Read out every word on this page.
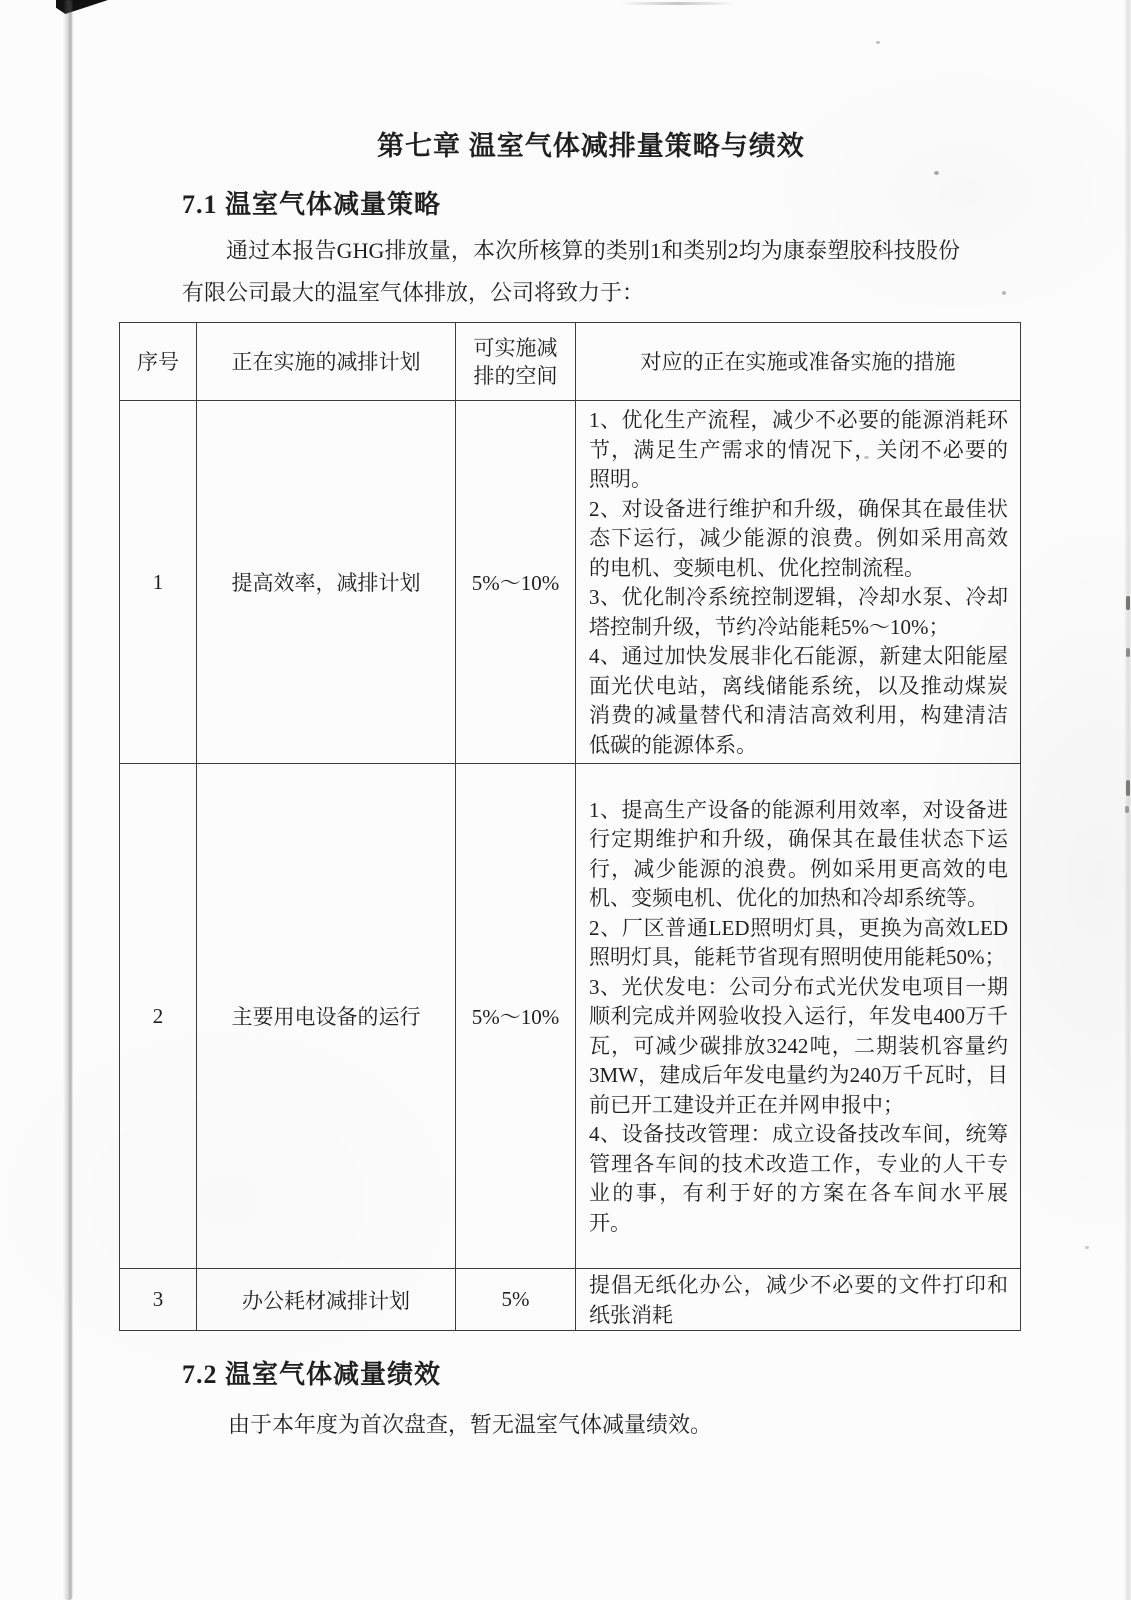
第七章 温室气体减排量策略与绩效
7.1 温室气体减量策略
通过本报告GHG排放量，本次所核算的类别1和类别2均为康泰塑胶科技股份有限公司最大的温室气体排放，公司将致力于：
序号	正在实施的减排计划	可实施减排的空间	对应的正在实施或准备实施的措施
1	提高效率，减排计划	5%～10%	1、优化生产流程，减少不必要的能源消耗环节，满足生产需求的情况下，关闭不必要的照明。

2、对设备进行维护和升级，确保其在最佳状态下运行，减少能源的浪费。例如采用高效的电机、变频电机、优化控制流程。

3、优化制冷系统控制逻辑，冷却水泵、冷却塔控制升级，节约冷站能耗5%～10%；

4、通过加快发展非化石能源，新建太阳能屋面光伏电站，离线储能系统，以及推动煤炭消费的减量替代和清洁高效利用，构建清洁低碳的能源体系。

2	主要用电设备的运行	5%～10%	1、提高生产设备的能源利用效率，对设备进行定期维护和升级，确保其在最佳状态下运行，减少能源的浪费。例如采用更高效的电机、变频电机、优化的加热和冷却系统等。

2、厂区普通LED照明灯具，更换为高效LED照明灯具，能耗节省现有照明使用能耗50%；

3、光伏发电：公司分布式光伏发电项目一期顺利完成并网验收投入运行，年发电400万千瓦，可减少碳排放3242吨，二期装机容量约3MW，建成后年发电量约为240万千瓦时，目前已开工建设并正在并网申报中；

4、设备技改管理：成立设备技改车间，统筹管理各车间的技术改造工作，专业的人干专业的事，有利于好的方案在各车间水平展开。

3	办公耗材减排计划	5%	提倡无纸化办公，减少不必要的文件打印和纸张消耗

7.2 温室气体减量绩效
由于本年度为首次盘查，暂无温室气体减量绩效。
